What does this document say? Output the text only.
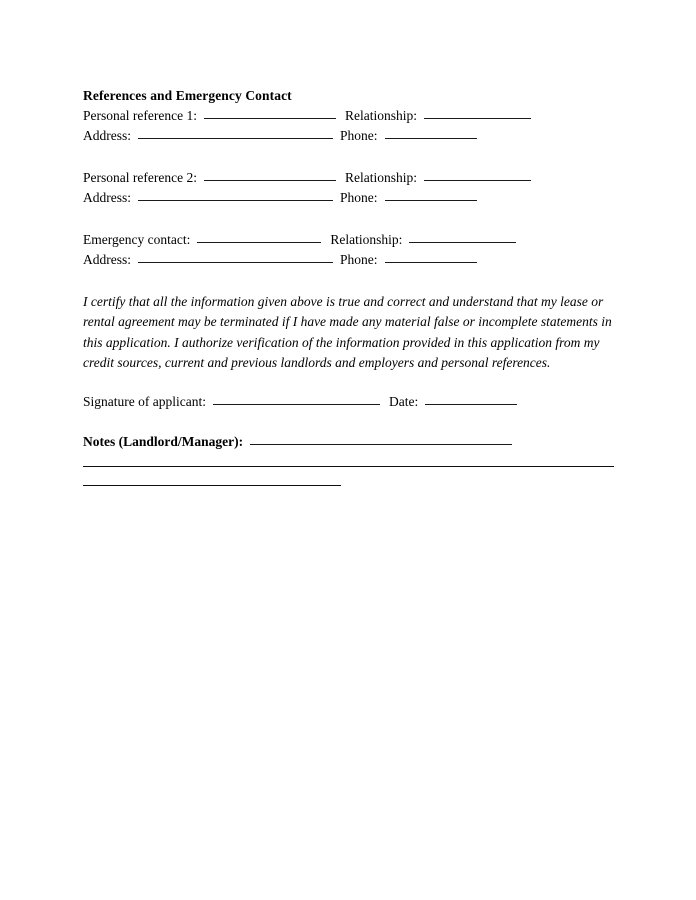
References and Emergency Contact
Personal reference 1:	Relationship:
Address:	Phone:
Personal reference 2:	Relationship:
Address:	Phone:
Emergency contact:	Relationship:
Address:	Phone:
I certify that all the information given above is true and correct and understand that my lease or rental agreement may be terminated if I have made any material false or incomplete statements in this application. I authorize verification of the information provided in this application from my credit sources, current and previous landlords and employers and personal references.
Signature of applicant:	Date:
Notes (Landlord/Manager):
